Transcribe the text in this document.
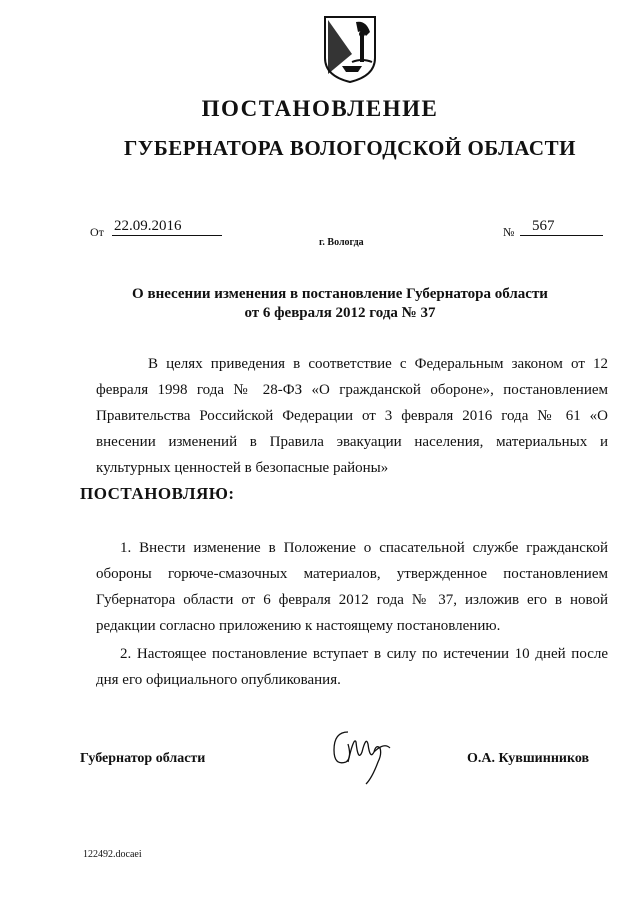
ПОСТАНОВЛЕНИЕ
ГУБЕРНАТОРА ВОЛОГОДСКОЙ ОБЛАСТИ
От 22.09.2016	№	567
г. Вологда
О внесении изменения в постановление Губернатора области
от 6 февраля 2012 года № 37
В целях приведения в соответствие с Федеральным законом от 12 февраля 1998 года № 28-ФЗ «О гражданской обороне», постановлением Правительства Российской Федерации от 3 февраля 2016 года № 61 «О внесении изменений в Правила эвакуации населения, материальных и культурных ценностей в безопасные районы»
ПОСТАНОВЛЯЮ:
1. Внести изменение в Положение о спасательной службе гражданской обороны горюче-смазочных материалов, утвержденное постановлением Губернатора области от 6 февраля 2012 года № 37, изложив его в новой редакции согласно приложению к настоящему постановлению.
2. Настоящее постановление вступает в силу по истечении 10 дней после дня его официального опубликования.
Губернатор области	О.А. Кувшинников
122492.docaei
